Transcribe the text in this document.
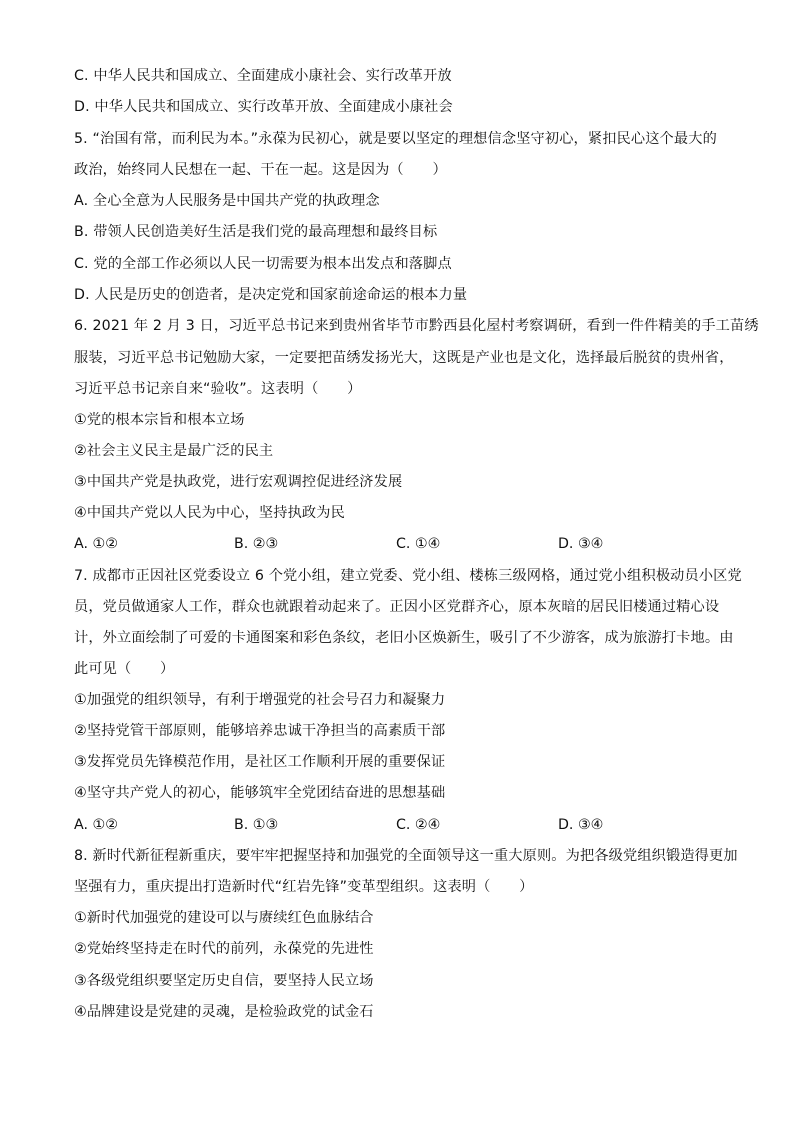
C. 中华人民共和国成立、全面建成小康社会、实行改革开放
D. 中华人民共和国成立、实行改革开放、全面建成小康社会
5. “治国有常，而利民为本。”永葆为民初心，就是要以坚定的理想信念坚守初心，紧扣民心这个最大的
政治，始终同人民想在一起、干在一起。这是因为（　　）
A. 全心全意为人民服务是中国共产党的执政理念
B. 带领人民创造美好生活是我们党的最高理想和最终目标
C. 党的全部工作必须以人民一切需要为根本出发点和落脚点
D. 人民是历史的创造者，是决定党和国家前途命运的根本力量
6. 2021 年 2 月 3 日，习近平总书记来到贵州省毕节市黔西县化屋村考察调研，看到一件件精美的手工苗绣
服装，习近平总书记勉励大家，一定要把苗绣发扬光大，这既是产业也是文化，选择最后脱贫的贵州省，
习近平总书记亲自来“验收”。这表明（　　）
①党的根本宗旨和根本立场
②社会主义民主是最广泛的民主
③中国共产党是执政党，进行宏观调控促进经济发展
④中国共产党以人民为中心，坚持执政为民
A. ①②	B. ②③	C. ①④	D. ③④
7. 成都市正因社区党委设立 6 个党小组，建立党委、党小组、楼栋三级网格，通过党小组积极动员小区党
员，党员做通家人工作，群众也就跟着动起来了。正因小区党群齐心，原本灰暗的居民旧楼通过精心设
计，外立面绘制了可爱的卡通图案和彩色条纹，老旧小区焕新生，吸引了不少游客，成为旅游打卡地。由
此可见（　　）
①加强党的组织领导，有利于增强党的社会号召力和凝聚力
②坚持党管干部原则，能够培养忠诚干净担当的高素质干部
③发挥党员先锋模范作用，是社区工作顺利开展的重要保证
④坚守共产党人的初心，能够筑牢全党团结奋进的思想基础
A. ①②	B. ①③	C. ②④	D. ③④
8. 新时代新征程新重庆，要牢牢把握坚持和加强党的全面领导这一重大原则。为把各级党组织锻造得更加
坚强有力，重庆提出打造新时代“红岩先锋”变革型组织。这表明（　　）
①新时代加强党的建设可以与赓续红色血脉结合
②党始终坚持走在时代的前列，永葆党的先进性
③各级党组织要坚定历史自信，要坚持人民立场
④品牌建设是党建的灵魂，是检验政党的试金石
